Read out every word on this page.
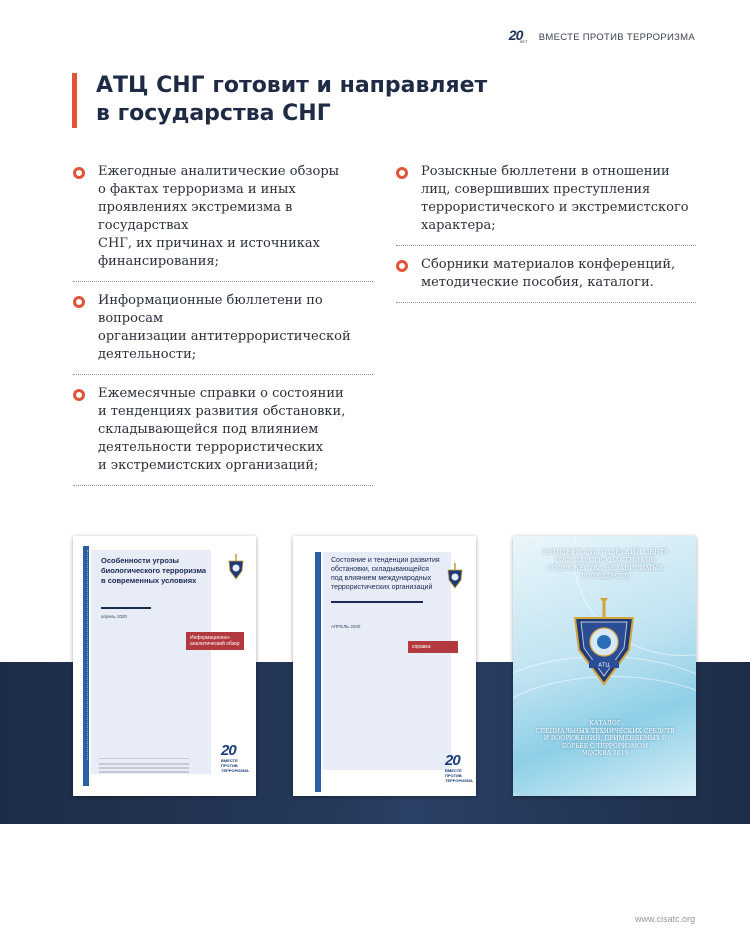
20
ЛЕТ ВМЕСТЕ ПРОТИВ ТЕРРОРИЗМА
АТЦ СНГ готовит и направляет
в государства СНГ
Ежегодные аналитические обзоры
о фактах терроризма и иных
проявлениях экстремизма в государствах
СНГ, их причинах и источниках
финансирования;
Информационные бюллетени по вопросам
организации антитеррористической
деятельности;
Ежемесячные справки о состоянии
и тенденциях развития обстановки,
складывающейся под влиянием
деятельности террористических
и экстремистских организаций;
Розыскные бюллетени в отношении
лиц, совершивших преступления
террористического и экстремистского
характера;
Сборники материалов конференций,
методические пособия, каталоги.
Особенности угрозы
биологического терроризма
в современных условиях
апрель 2020
Информационно-
аналитический обзор
20
ВМЕСТЕ
ПРОТИВ
ТЕРРОРИЗМА
Состояние и тенденции развития
обстановки, складывающейся
под влиянием международных
террористических организаций
АПРЕЛЬ 2020
справка
20
ВМЕСТЕ
ПРОТИВ
ТЕРРОРИЗМА
АНТИТЕРРОРИСТИЧЕСКИЙ ЦЕНТР
ГОСУДАРСТВ-УЧАСТНИКОВ
СОДРУЖЕСТВА НЕЗАВИСИМЫХ
ГОСУДАРСТВ
АТЦ
КАТАЛОГ
СПЕЦИАЛЬНЫХ ТЕХНИЧЕСКИХ СРЕДСТВ
И ВООРУЖЕНИЙ, ПРИМЕНЯЕМЫХ В
БОРЬБЕ С ТЕРРОРИЗМОМ
МОСКВА 2019
www.cisatc.org
